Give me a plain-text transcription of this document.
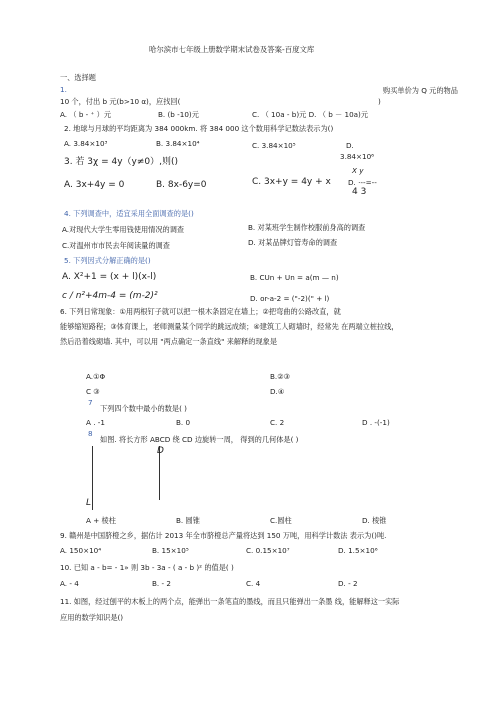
哈尔滨市七年级上册数学期末试卷及答案-百度文库
一、选择题
1.	购买单价为 Q 元的物品
10 个，付出 b 元(b>10 α)，应找回(	)
A. （ b - ⁺ ）元	B. (b -10)元	C. （ 10a - b)元 D. （ b － 10a)元
2. 地球与月球的平均距离为 384 000km. 将 384 000 这个数用科学记数法表示为()
A. 3.84×10³	B. 3.84×10⁴	C. 3.84×10⁵	D.
3.84×10⁶
3. 若 3χ = 4y（y≠0）,则()
X y
A. 3x+4y = 0	B. 8x-6y=0	C. 3x+y = 4y + x D. ·--=--
4 3
4. 下列调查中，适宜采用全面调查的是()
A.对现代大学生零用钱使用情况的调查	B. 对某班学生制作校服前身高的调查
C.对温州市市民去年阅读量的调查	D. 对某品牌灯管寿命的调查
5. 下列因式分解正确的是()
A. X²+1 = (x + l)(x-l)	B. CUn + Un = a(m — n)
c / n²+4m-4 = (m-2)²	D. or-a-2 = ("-2)(" + l)
6. 下列日常现象：①用两根钉子就可以把一根木条固定在墙上；②把弯曲的公路改直，就
能够缩短路程；③体育课上，老师测量某个同学的跳远成绩；④建筑工人砌墙时，经常先 在两端立桩拉线，
然后沿着线砌墙. 其中，可以用 "两点确定一条直线" 来解释的现象是
A.①Φ	B.②③
C ③	D.④
7
下列四个数中最小的数是( )
A . -1	B. 0	C. 2	D . -(-1)
8
如图. 将长方形 ABCD 绕 CD 边旋转一周， 得到的几何体是( )
D
L
A + 棱柱	B. 圆锥	C.圆柱	D. 棱锥
9. 赣州是中国脐橙之乡，据估计 2013 年全市脐橙总产量将达到 150 万吨，用科学计数法 表示为()吨.
A. 150×10⁴	B. 15×10⁵	C. 0.15×10⁷	D. 1.5×10⁶
10. 已知 a - b= - 1» 则 3b - 3a - ( a - b )² 的值是( )
A. - 4	B. - 2	C. 4	D. - 2
11. 如图，经过刨平的木板上的两个点，能弹出一条笔直的墨线，而且只能弹出一条墨 线，能解释这一实际
应用的数学知识是()
